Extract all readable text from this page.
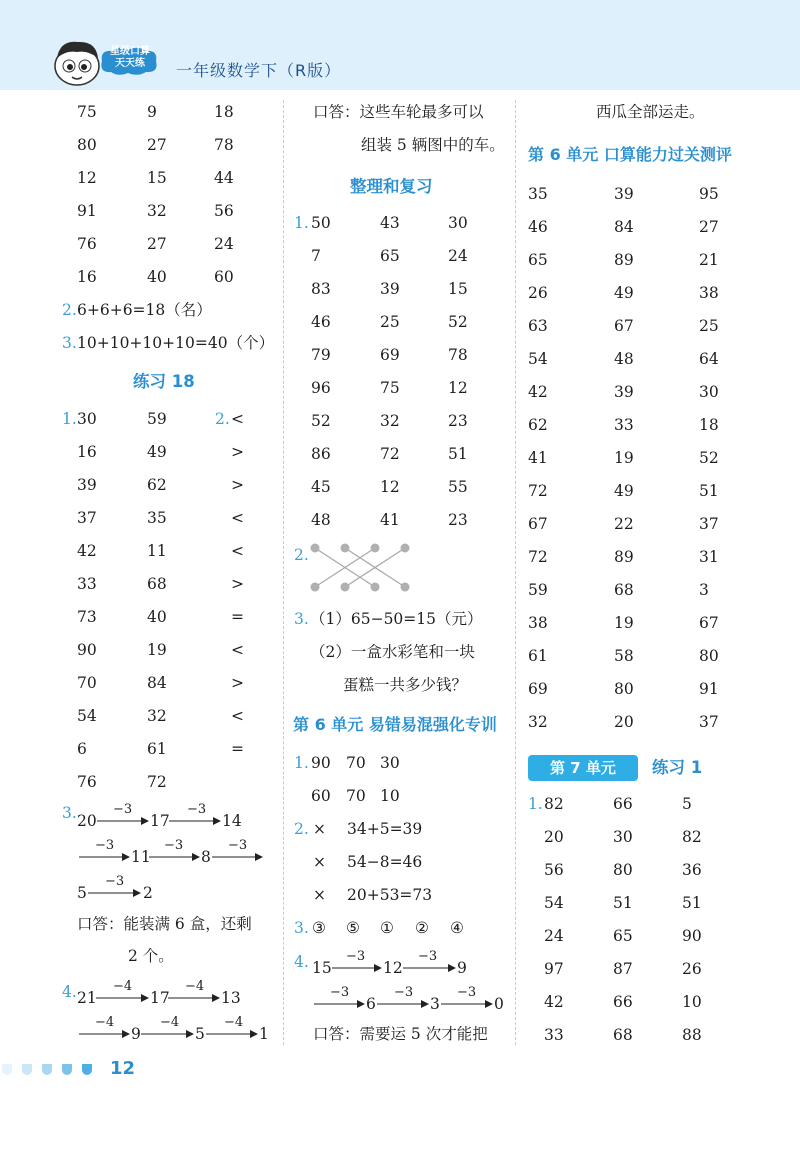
星级口算
天天练	一年级数学下（R版）
75	9	18
80	27	78
12	15	44
91	32	56
76	27	24
16	40	60
2. 6+6+6=18（名）
3. 10+10+10+10=40（个）
练习 18
1.	2.
30	59	<
16	49	>
39	62	>
37	35	<
42	11	<
33	68	>
73	40	=
90	19	<
70	84	>
54	32	<
6	61	=
76	72
3. 20
−3
17
−3
14
−3
11
−3
8
−3
5
−3
2
口答：能装满 6 盒，还剩
2 个。
4. 21
−4
17
−4
13
−4
9
−4
5
−4
1
口答：这些车轮最多可以
组装 5 辆图中的车。
整理和复习
1. 50	43	30
7	65	24
83	39	15
46	25	52
79	69	78
96	75	12
52	32	23
86	72	51
45	12	55
48	41	23
2.
3. （1）65−50=15（元）
（2）一盒水彩笔和一块
蛋糕一共多少钱？
第 6 单元 易错易混强化专训
1. 90 70 30
60 70 10
2. × 34+5=39
× 54−8=46
× 20+53=73
3. ③ ⑤ ① ② ④
4. 15
−3
12
−3
9
−3
6
−3
3
−3
0
口答：需要运 5 次才能把
西瓜全部运走。
第 6 单元 口算能力过关测评
35	39	95
46	84	27
65	89	21
26	49	38
63	67	25
54	48	64
42	39	30
62	33	18
41	19	52
72	49	51
67	22	37
72	89	31
59	68	3
38	19	67
61	58	80
69	80	91
32	20	37
第 7 单元	练习 1
1. 82	66	5
20	30	82
56	80	36
54	51	51
24	65	90
97	87	26
42	66	10
33	68	88
12
